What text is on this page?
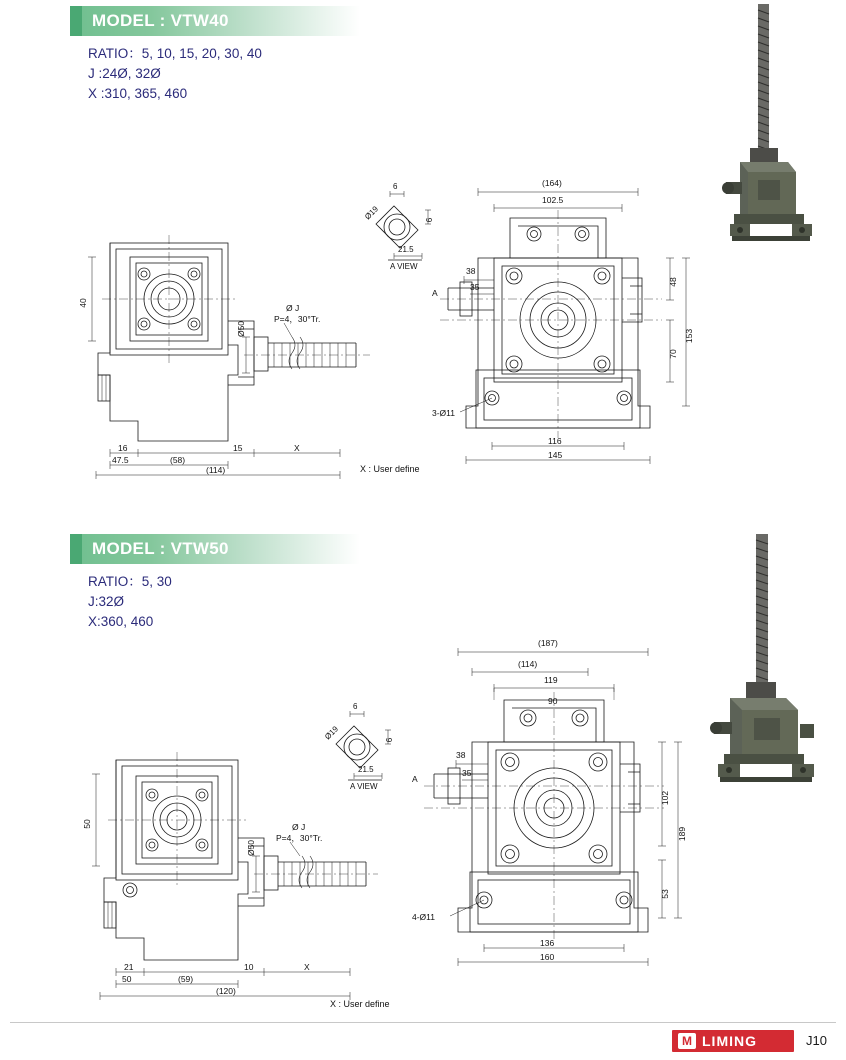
MODEL : VTW40
RATIO：5, 10, 15, 20, 30, 40
J :24Ø, 32Ø
X :310, 365, 460
40
Ø50
16
47.5	(58)
15	X
(114)
Ø J
P=4，30°Tr.
6
6
Ø19
21.5
A VIEW
(164)
102.5
38
35	48
153
70
116
145
3-Ø11
A
X : User define
MODEL : VTW50
RATIO：5, 30
J:32Ø
X:360, 460
50
Ø50
21
50	(59)
10	X
(120)
Ø J
P=4，30°Tr.
6
6
Ø19
21.5
A VIEW
(187)
(114)
119
90
38
35
102
189
53
136
160
4-Ø11
A
X : User define
M LIMING	J10
